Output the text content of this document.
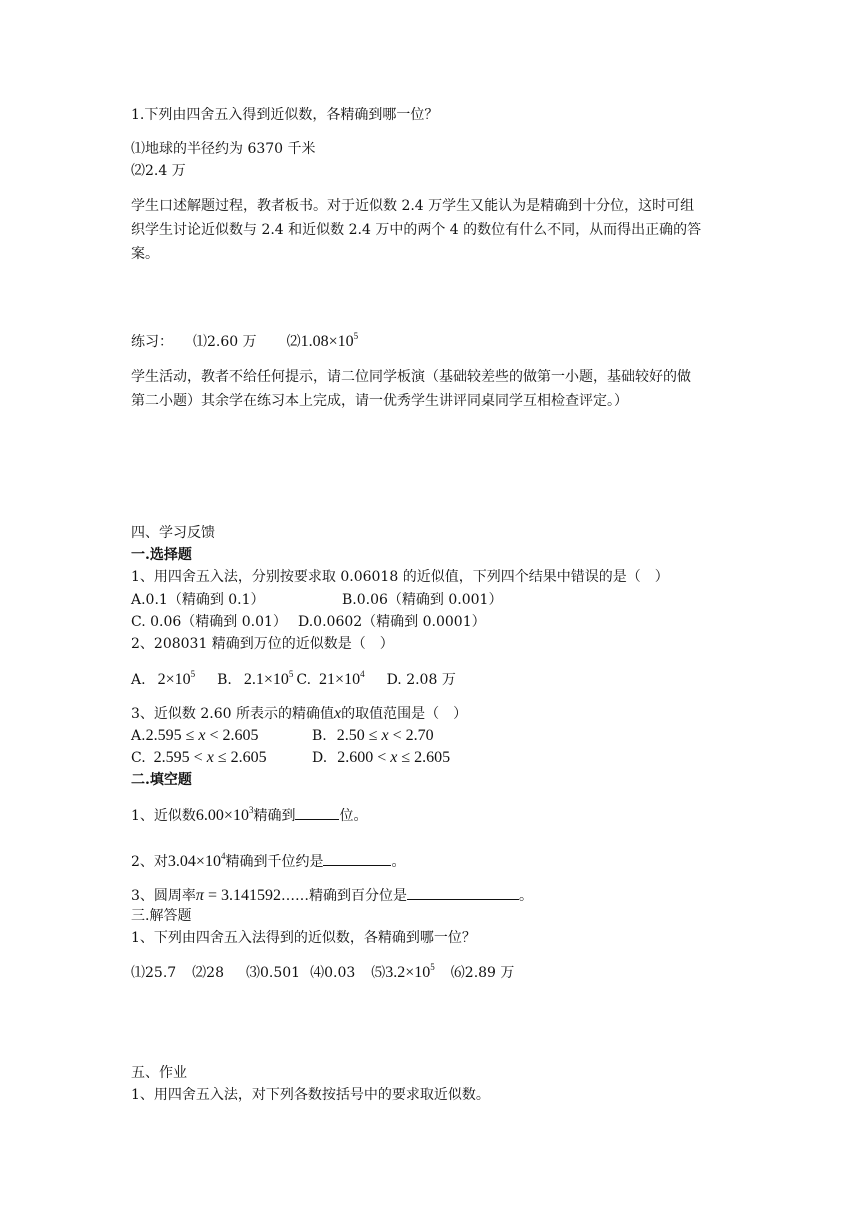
1.下列由四舍五入得到近似数，各精确到哪一位？
⑴地球的半径约为 6370 千米
⑵2.4 万
学生口述解题过程，教者板书。对于近似数 2.4 万学生又能认为是精确到十分位，这时可组
织学生讨论近似数与 2.4 和近似数 2.4 万中的两个 4 的数位有什么不同，从而得出正确的答
案。
练习： ⑴2.60 万 $⑵1.08\times 10^5$
学生活动，教者不给任何提示，请二位同学板演（基础较差些的做第一小题，基础较好的做
第二小题）其余学在练习本上完成，请一优秀学生讲评同桌同学互相检查评定。）
四、学习反馈
一.选择题
1、用四舍五入法，分别按要求取 0.06018 的近似值，下列四个结果中错误的是（　）
A.0.1（精确到 0.1）	B.0.06（精确到 0.001）
C. 0.06（精确到 0.01） D.0.0602（精确到 0.0001）
2、208031 精确到万位的近似数是（　）
A. $2\times 10^5$ B. $2.1\times 10^5$ C. $21\times 10^4$ D. 2.08 万
3、近似数 2.60 所表示的精确值x的取值范围是（　）
A.2.595 ≤ x < 2.605	B. 2.50 ≤ x < 2.70
C. 2.595 < x ≤ 2.605	D. 2.600 < x ≤ 2.605
二.填空题
1、近似数$6.00\times 10^3$精确到	位。
2、对$3.04\times 10^4$精确到千位约是	。
3、圆周率π = 3.141592……精确到百分位是	。
三.解答题
1、下列由四舍五入法得到的近似数，各精确到哪一位？
⑴25.7 ⑵28 ⑶0.501 ⑷0.03 $⑸3.2\times 10^5$ ⑹2.89 万
五、作业
1、用四舍五入法，对下列各数按括号中的要求取近似数。
